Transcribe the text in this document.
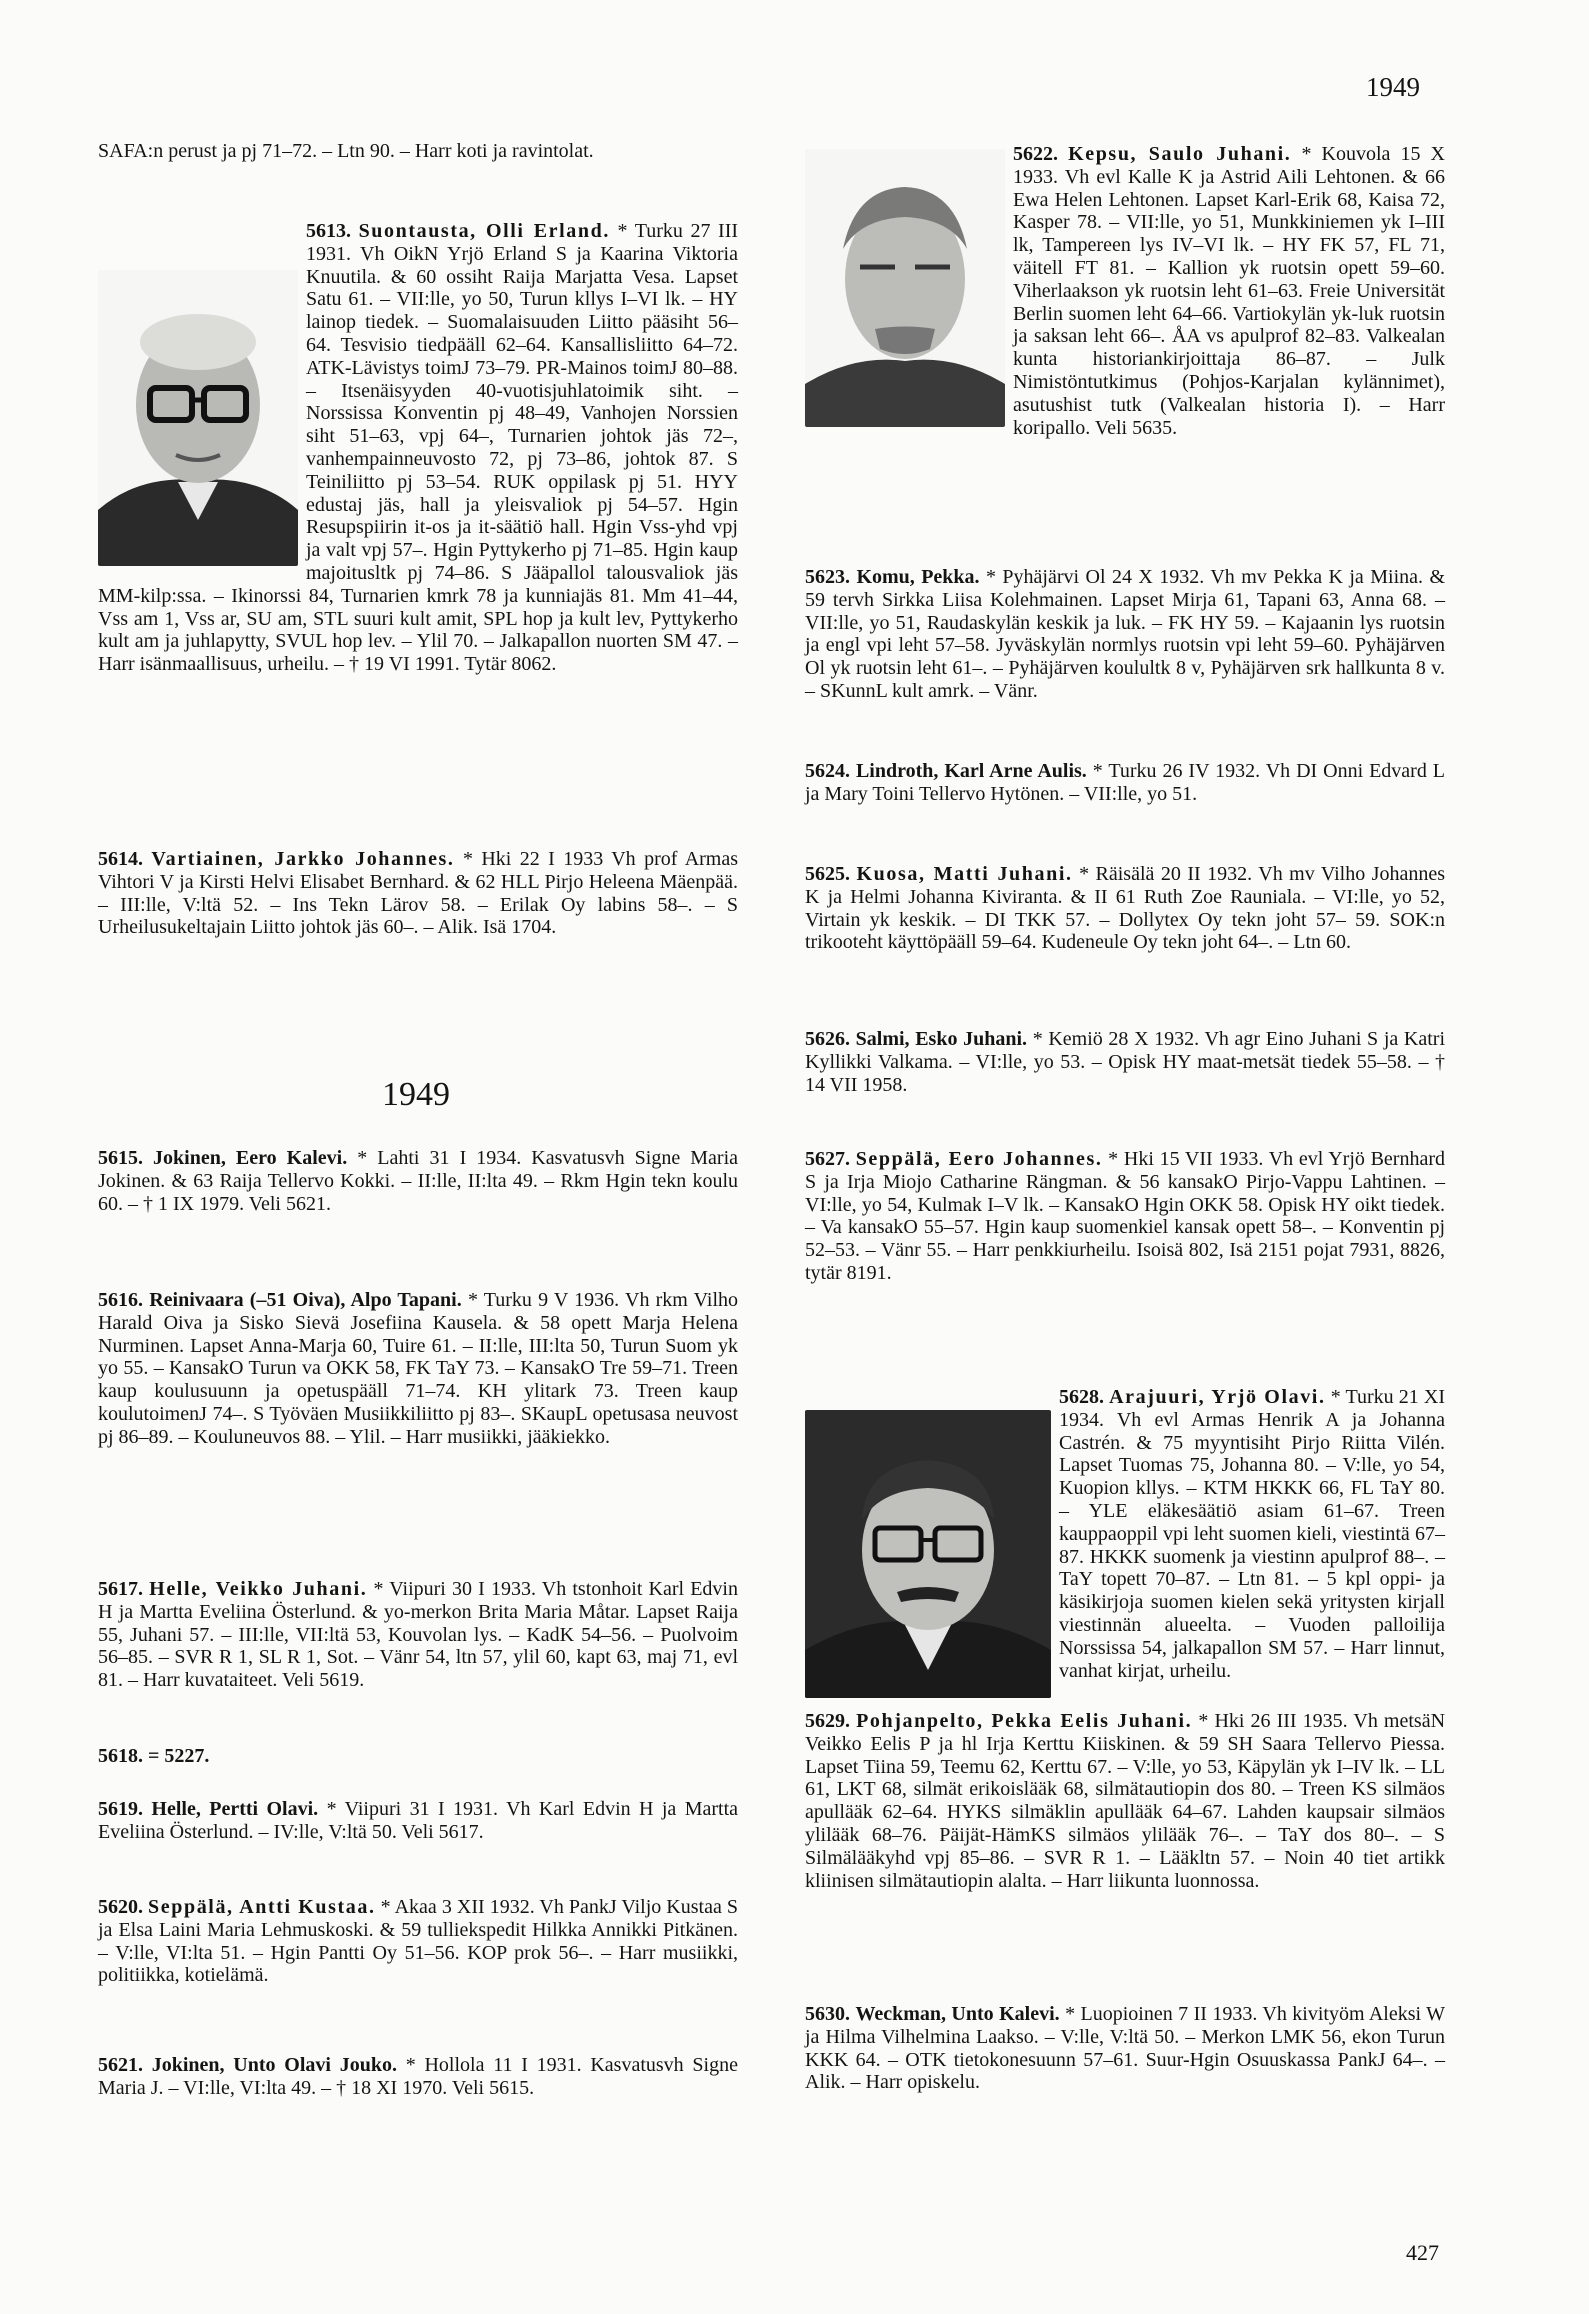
1949
1949
427
SAFA:n perust ja pj 71–72. – Ltn 90. – Harr koti ja ravintolat.
5613. Suontausta, Olli Erland. * Turku 27 III 1931. Vh OikN Yrjö Erland S ja Kaarina Viktoria Knuutila. & 60 ossiht Raija Marjatta Vesa. Lapset Satu 61. – VII:lle, yo 50, Turun kllys I–VI lk. – HY lainop tiedek. – Suomalaisuuden Liitto pääsiht 56–64. Tesvisio tiedpääll 62–64. Kansallisliitto 64–72. ATK-Lävistys toimJ 73–79. PR-Mainos toimJ 80–88. – Itsenäisyyden 40-vuotisjuhlatoimik siht. – Norssissa Konventin pj 48–49, Vanhojen Norssien siht 51–63, vpj 64–, Turnarien johtok jäs 72–, vanhempainneuvosto 72, pj 73–86, johtok 87. S Teiniliitto pj 53–54. RUK oppilask pj 51. HYY edustaj jäs, hall ja yleisvaliok pj 54–57. Hgin Resupspiirin it-os ja it-säätiö hall. Hgin Vss-yhd vpj ja valt vpj 57–. Hgin Pyttykerho pj 71–85. Hgin kaup majoitusltk pj 74–86. S Jääpallol talousvaliok jäs MM-kilp:ssa. – Ikinorssi 84, Turnarien kmrk 78 ja kunniajäs 81. Mm 41–44, Vss am 1, Vss ar, SU am, STL suuri kult amit, SPL hop ja kult lev, Pyttykerho kult am ja juhlapytty, SVUL hop lev. – Ylil 70. – Jalkapallon nuorten SM 47. – Harr isänmaallisuus, urheilu. – † 19 VI 1991. Tytär 8062.
5614. Vartiainen, Jarkko Johannes. * Hki 22 I 1933 Vh prof Armas Vihtori V ja Kirsti Helvi Elisabet Bernhard. & 62 HLL Pirjo Heleena Mäenpää. – III:lle, V:ltä 52. – Ins Tekn Lärov 58. – Erilak Oy labins 58–. – S Urheilusukeltajain Liitto johtok jäs 60–. – Alik. Isä 1704.
5615. Jokinen, Eero Kalevi. * Lahti 31 I 1934. Kasvatusvh Signe Maria Jokinen. & 63 Raija Tellervo Kokki. – II:lle, II:lta 49. – Rkm Hgin tekn koulu 60. – † 1 IX 1979. Veli 5621.
5616. Reinivaara (–51 Oiva), Alpo Tapani. * Turku 9 V 1936. Vh rkm Vilho Harald Oiva ja Sisko Sievä Josefiina Kausela. & 58 opett Marja Helena Nurminen. Lapset Anna-Marja 60, Tuire 61. – II:lle, III:lta 50, Turun Suom yk yo 55. – KansakO Turun va OKK 58, FK TaY 73. – KansakO Tre 59–71. Treen kaup koulusuunn ja opetuspääll 71–74. KH ylitark 73. Treen kaup koulutoimenJ 74–. S Työväen Musiikkiliitto pj 83–. SKaupL opetusasa neuvost pj 86–89. – Kouluneuvos 88. – Ylil. – Harr musiikki, jääkiekko.
5617. Helle, Veikko Juhani. * Viipuri 30 I 1933. Vh tstonhoit Karl Edvin H ja Martta Eveliina Österlund. & yo-merkon Brita Maria Måtar. Lapset Raija 55, Juhani 57. – III:lle, VII:ltä 53, Kouvolan lys. – KadK 54–56. – Puolvoim 56–85. – SVR R 1, SL R 1, Sot. – Vänr 54, ltn 57, ylil 60, kapt 63, maj 71, evl 81. – Harr kuvataiteet. Veli 5619.
5618. = 5227.
5619. Helle, Pertti Olavi. * Viipuri 31 I 1931. Vh Karl Edvin H ja Martta Eveliina Österlund. – IV:lle, V:ltä 50. Veli 5617.
5620. Seppälä, Antti Kustaa. * Akaa 3 XII 1932. Vh PankJ Viljo Kustaa S ja Elsa Laini Maria Lehmuskoski. & 59 tulliekspedit Hilkka Annikki Pitkänen. – V:lle, VI:lta 51. – Hgin Pantti Oy 51–56. KOP prok 56–. – Harr musiikki, politiikka, kotielämä.
5621. Jokinen, Unto Olavi Jouko. * Hollola 11 I 1931. Kasvatusvh Signe Maria J. – VI:lle, VI:lta 49. – † 18 XI 1970. Veli 5615.
5622. Kepsu, Saulo Juhani. * Kouvola 15 X 1933. Vh evl Kalle K ja Astrid Aili Lehtonen. & 66 Ewa Helen Lehtonen. Lapset Karl-Erik 68, Kaisa 72, Kasper 78. – VII:lle, yo 51, Munkkiniemen yk I–III lk, Tampereen lys IV–VI lk. – HY FK 57, FL 71, väitell FT 81. – Kallion yk ruotsin opett 59–60. Viherlaakson yk ruotsin leht 61–63. Freie Universität Berlin suomen leht 64–66. Vartiokylän yk-luk ruotsin ja saksan leht 66–. ÅA vs apulprof 82–83. Valkealan kunta historiankirjoittaja 86–87. – Julk Nimistöntutkimus (Pohjos-Karjalan kylännimet), asutushist tutk (Valkealan historia I). – Harr koripallo. Veli 5635.
5623. Komu, Pekka. * Pyhäjärvi Ol 24 X 1932. Vh mv Pekka K ja Miina. & 59 tervh Sirkka Liisa Kolehmainen. Lapset Mirja 61, Tapani 63, Anna 68. – VII:lle, yo 51, Raudaskylän keskik ja luk. – FK HY 59. – Kajaanin lys ruotsin ja engl vpi leht 57–58. Jyväskylän normlys ruotsin vpi leht 59–60. Pyhäjärven Ol yk ruotsin leht 61–. – Pyhäjärven koulultk 8 v, Pyhäjärven srk hallkunta 8 v. – SKunnL kult amrk. – Vänr.
5624. Lindroth, Karl Arne Aulis. * Turku 26 IV 1932. Vh DI Onni Edvard L ja Mary Toini Tellervo Hytönen. – VII:lle, yo 51.
5625. Kuosa, Matti Juhani. * Räisälä 20 II 1932. Vh mv Vilho Johannes K ja Helmi Johanna Kiviranta. & II 61 Ruth Zoe Rauniala. – VI:lle, yo 52, Virtain yk keskik. – DI TKK 57. – Dollytex Oy tekn joht 57– 59. SOK:n trikooteht käyttöpääll 59–64. Kudeneule Oy tekn joht 64–. – Ltn 60.
5626. Salmi, Esko Juhani. * Kemiö 28 X 1932. Vh agr Eino Juhani S ja Katri Kyllikki Valkama. – VI:lle, yo 53. – Opisk HY maat-metsät tiedek 55–58. – † 14 VII 1958.
5627. Seppälä, Eero Johannes. * Hki 15 VII 1933. Vh evl Yrjö Bernhard S ja Irja Miojo Catharine Rängman. & 56 kansakO Pirjo-Vappu Lahtinen. – VI:lle, yo 54, Kulmak I–V lk. – KansakO Hgin OKK 58. Opisk HY oikt tiedek. – Va kansakO 55–57. Hgin kaup suomenkiel kansak opett 58–. – Konventin pj 52–53. – Vänr 55. – Harr penkkiurheilu. Isoisä 802, Isä 2151 pojat 7931, 8826, tytär 8191.
5628. Arajuuri, Yrjö Olavi. * Turku 21 XI 1934. Vh evl Armas Henrik A ja Johanna Castrén. & 75 myyntisiht Pirjo Riitta Vilén. Lapset Tuomas 75, Johanna 80. – V:lle, yo 54, Kuopion kllys. – KTM HKKK 66, FL TaY 80. – YLE eläkesäätiö asiam 61–67. Treen kauppaoppil vpi leht suomen kieli, viestintä 67–87. HKKK suomenk ja viestinn apulprof 88–. – TaY topett 70–87. – Ltn 81. – 5 kpl oppi- ja käsikirjoja suomen kielen sekä yritysten kirjall viestinnän alueelta. – Vuoden palloilija Norssissa 54, jalkapallon SM 57. – Harr linnut, vanhat kirjat, urheilu.
5629. Pohjanpelto, Pekka Eelis Juhani. * Hki 26 III 1935. Vh metsäN Veikko Eelis P ja hl Irja Kerttu Kiiskinen. & 59 SH Saara Tellervo Piessa. Lapset Tiina 59, Teemu 62, Kerttu 67. – V:lle, yo 53, Käpylän yk I–IV lk. – LL 61, LKT 68, silmät erikoislääk 68, silmätautiopin dos 80. – Treen KS silmäos apullääk 62–64. HYKS silmäklin apullääk 64–67. Lahden kaupsair silmäos ylilääk 68–76. Päijät-HämKS silmäos ylilääk 76–. – TaY dos 80–. – S Silmälääkyhd vpj 85–86. – SVR R 1. – Lääkltn 57. – Noin 40 tiet artikk kliinisen silmätautiopin alalta. – Harr liikunta luonnossa.
5630. Weckman, Unto Kalevi. * Luopioinen 7 II 1933. Vh kivityöm Aleksi W ja Hilma Vilhelmina Laakso. – V:lle, V:ltä 50. – Merkon LMK 56, ekon Turun KKK 64. – OTK tietokonesuunn 57–61. Suur-Hgin Osuuskassa PankJ 64–. – Alik. – Harr opiskelu.
